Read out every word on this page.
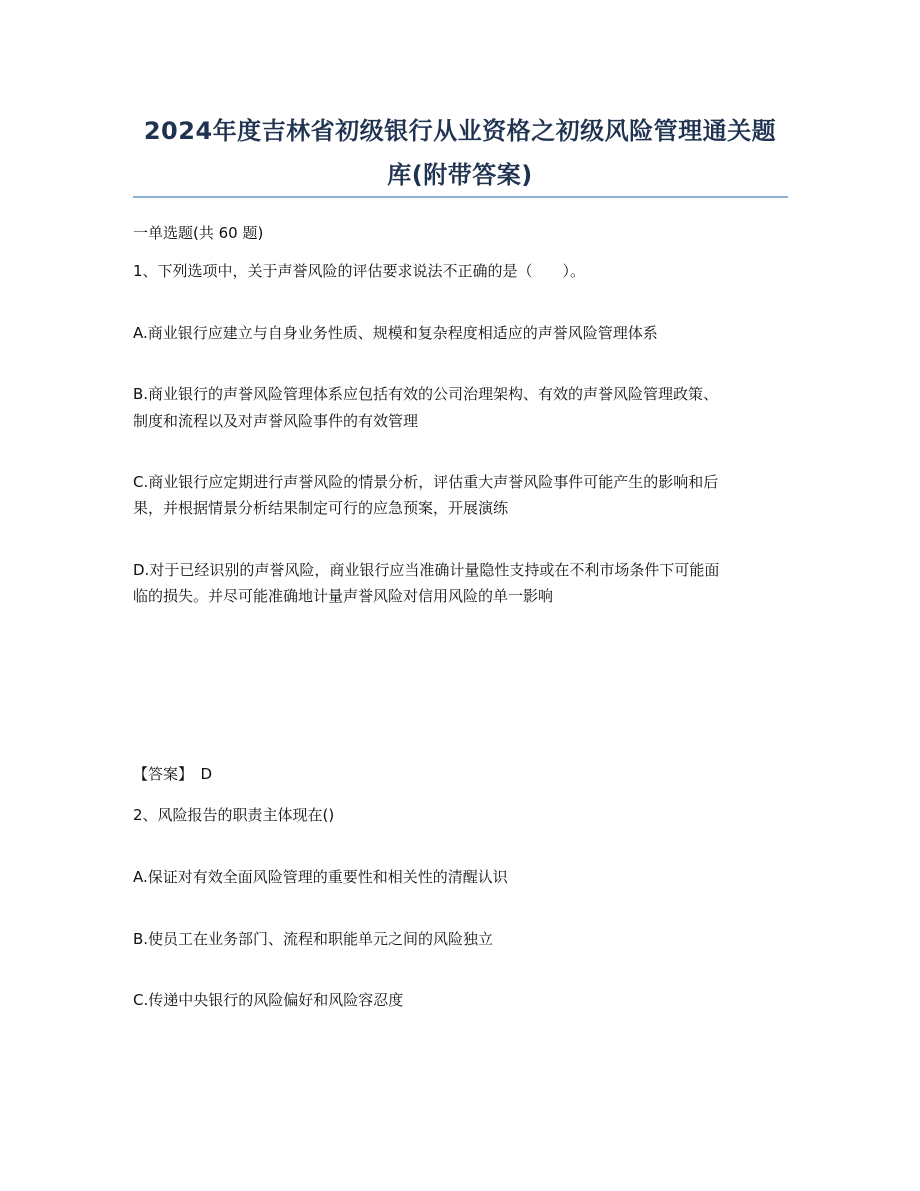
2024年度吉林省初级银行从业资格之初级风险管理通关题
库(附带答案)
一单选题(共 60 题)
1、下列选项中，关于声誉风险的评估要求说法不正确的是（　　）。
A.商业银行应建立与自身业务性质、规模和复杂程度相适应的声誉风险管理体系
B.商业银行的声誉风险管理体系应包括有效的公司治理架构、有效的声誉风险管理政策、
制度和流程以及对声誉风险事件的有效管理
C.商业银行应定期进行声誉风险的情景分析，评估重大声誉风险事件可能产生的影响和后
果，并根据情景分析结果制定可行的应急预案，开展演练
D.对于已经识别的声誉风险，商业银行应当准确计量隐性支持或在不利市场条件下可能面
临的损失。并尽可能准确地计量声誉风险对信用风险的单一影响
【答案】　D
2、风险报告的职责主体现在()
A.保证对有效全面风险管理的重要性和相关性的清醒认识
B.使员工在业务部门、流程和职能单元之间的风险独立
C.传递中央银行的风险偏好和风险容忍度
